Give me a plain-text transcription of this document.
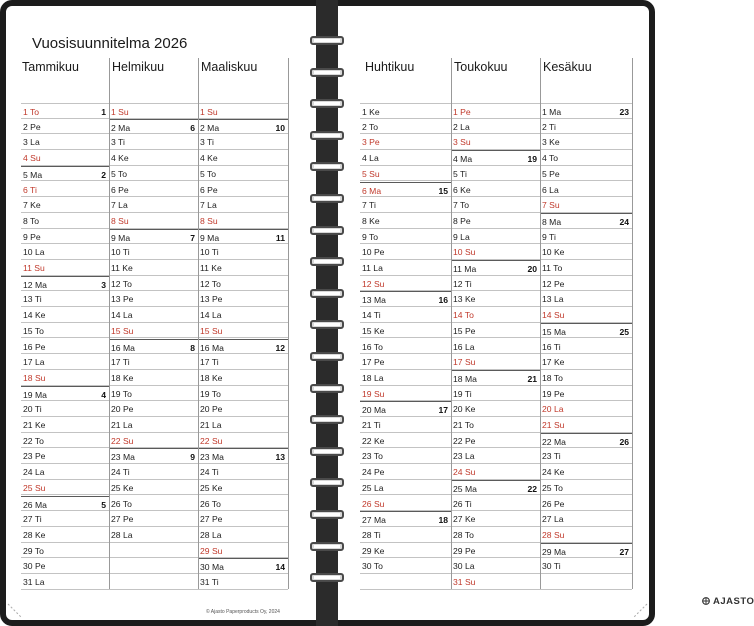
Vuosisuunnitelma 2026
Tammikuu
1 To	1
2 Pe
3 La
4 Su
5 Ma	2
6 Ti
7 Ke
8 To
9 Pe
10 La
11 Su
12 Ma	3
13 Ti
14 Ke
15 To
16 Pe
17 La
18 Su
19 Ma	4
20 Ti
21 Ke
22 To
23 Pe
24 La
25 Su
26 Ma	5
27 Ti
28 Ke
29 To
30 Pe
31 La
Helmikuu
1 Su
2 Ma	6
3 Ti
4 Ke
5 To
6 Pe
7 La
8 Su
9 Ma	7
10 Ti
11 Ke
12 To
13 Pe
14 La
15 Su
16 Ma	8
17 Ti
18 Ke
19 To
20 Pe
21 La
22 Su
23 Ma	9
24 Ti
25 Ke
26 To
27 Pe
28 La
Maaliskuu
1 Su
2 Ma	10
3 Ti
4 Ke
5 To
6 Pe
7 La
8 Su
9 Ma	11
10 Ti
11 Ke
12 To
13 Pe
14 La
15 Su
16 Ma	12
17 Ti
18 Ke
19 To
20 Pe
21 La
22 Su
23 Ma	13
24 Ti
25 Ke
26 To
27 Pe
28 La
29 Su
30 Ma	14
31 Ti
© Ajasto Paperproducts Oy, 2024
Huhtikuu
1 Ke
2 To
3 Pe
4 La
5 Su
6 Ma	15
7 Ti
8 Ke
9 To
10 Pe
11 La
12 Su
13 Ma	16
14 Ti
15 Ke
16 To
17 Pe
18 La
19 Su
20 Ma	17
21 Ti
22 Ke
23 To
24 Pe
25 La
26 Su
27 Ma	18
28 Ti
29 Ke
30 To
Toukokuu
1 Pe
2 La
3 Su
4 Ma	19
5 Ti
6 Ke
7 To
8 Pe
9 La
10 Su
11 Ma	20
12 Ti
13 Ke
14 To
15 Pe
16 La
17 Su
18 Ma	21
19 Ti
20 Ke
21 To
22 Pe
23 La
24 Su
25 Ma	22
26 Ti
27 Ke
28 To
29 Pe
30 La
31 Su
Kesäkuu
1 Ma	23
2 Ti
3 Ke
4 To
5 Pe
6 La
7 Su
8 Ma	24
9 Ti
10 Ke
11 To
12 Pe
13 La
14 Su
15 Ma	25
16 Ti
17 Ke
18 To
19 Pe
20 La
21 Su
22 Ma	26
23 Ti
24 Ke
25 To
26 Pe
27 La
28 Su
29 Ma	27
30 Ti
AJASTO
